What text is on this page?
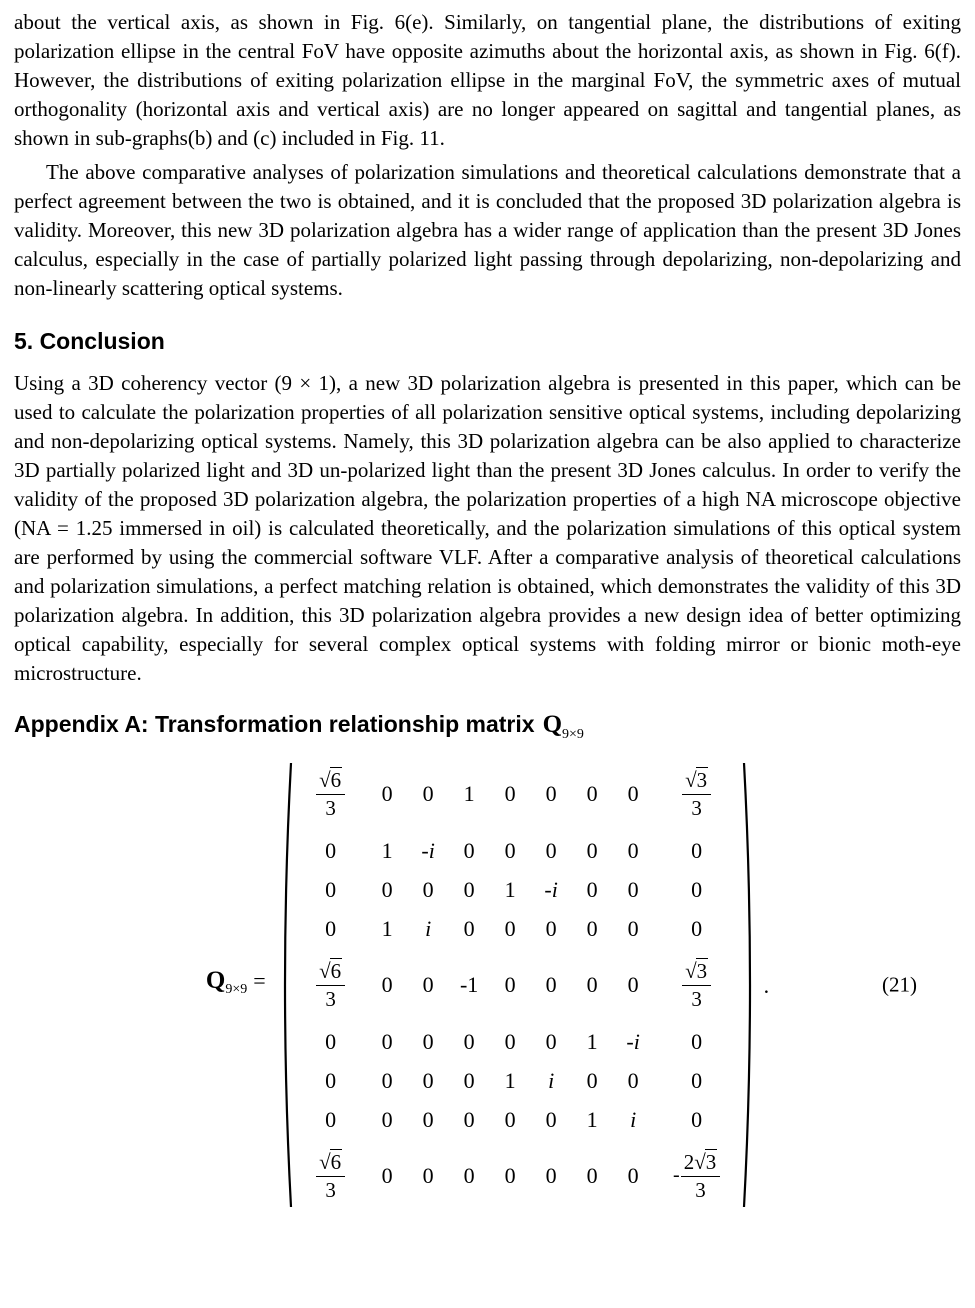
about the vertical axis, as shown in Fig. 6(e). Similarly, on tangential plane, the distributions of exiting polarization ellipse in the central FoV have opposite azimuths about the horizontal axis, as shown in Fig. 6(f). However, the distributions of exiting polarization ellipse in the marginal FoV, the symmetric axes of mutual orthogonality (horizontal axis and vertical axis) are no longer appeared on sagittal and tangential planes, as shown in sub-graphs(b) and (c) included in Fig. 11.

The above comparative analyses of polarization simulations and theoretical calculations demonstrate that a perfect agreement between the two is obtained, and it is concluded that the proposed 3D polarization algebra is validity. Moreover, this new 3D polarization algebra has a wider range of application than the present 3D Jones calculus, especially in the case of partially polarized light passing through depolarizing, non-depolarizing and non-linearly scattering optical systems.

5. Conclusion

Using a 3D coherency vector (9 × 1), a new 3D polarization algebra is presented in this paper, which can be used to calculate the polarization properties of all polarization sensitive optical systems, including depolarizing and non-depolarizing optical systems. Namely, this 3D polarization algebra can be also applied to characterize 3D partially polarized light and 3D un-polarized light than the present 3D Jones calculus. In order to verify the validity of the proposed 3D polarization algebra, the polarization properties of a high NA microscope objective (NA = 1.25 immersed in oil) is calculated theoretically, and the polarization simulations of this optical system are performed by using the commercial software VLF. After a comparative analysis of theoretical calculations and polarization simulations, a perfect matching relation is obtained, which demonstrates the validity of this 3D polarization algebra. In addition, this 3D polarization algebra provides a new design idea of better optimizing optical capability, especially for several complex optical systems with folding mirror or bionic moth-eye microstructure.

Appendix A: Transformation relationship matrix $Q_{9\times 9}$
$Q_{9\times 9}$ =
$\frac{√6}{3} 0$ 0 1 0 0 0 $0 \frac{√3}{3}$
0 1 -i 0 0 0 0 0 0
0 0 0 0 1 -i 0 0 0
0 1 i 0 0 0 0 0 0
$\frac{√6}{3} 0$ 0 -1 0 0 0 $0 \frac{√3}{3}$
0 0 0 0 0 0 1 -i 0
0 0 0 0 1 i 0 0 0
0 0 0 0 0 0 1 i 0
$\frac{√6}{3} 0$ 0 0 0 0 0 $0 - \frac{2√3}{3}$
.	(21)
